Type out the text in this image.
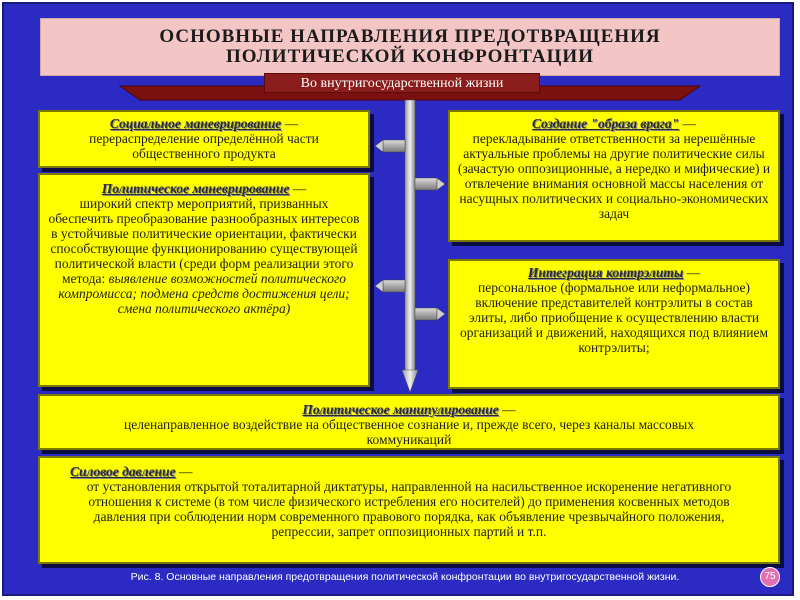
ОСНОВНЫЕ НАПРАВЛЕНИЯ ПРЕДОТВРАЩЕНИЯ
ПОЛИТИЧЕСКОЙ КОНФРОНТАЦИИ
Во внутригосударственной жизни
Социальное маневрирование —
перераспределение определённой части общественного продукта
Политическое маневрирование —
широкий спектр мероприятий, призванных обеспечить преобразование разнообразных интересов в устойчивые политические ориентации, фактически способствующие функционированию существующей политической власти (среди форм реализации этого метода: выявление возможностей политического компромисса; подмена средств достижения цели; смена политического актёра)
Создание "образа врага" —
перекладывание ответственности за нерешённые актуальные проблемы на другие политические силы (зачастую оппозиционные, а нередко и мифические) и отвлечение внимания основной массы населения от насущных политических и социально-экономических задач
Интеграция контрэлиты —
персональное (формальное или неформальное) включение представителей контрэлиты в состав элиты, либо приобщение к осуществлению власти организаций и движений, находящихся под влиянием контрэлиты;
Политическое манипулирование —
целенаправленное воздействие на общественное сознание и, прежде всего, через каналы массовых коммуникаций
Силовое давление —
от установления открытой тоталитарной диктатуры, направленной на насильственное искоренение негативного отношения к системе (в том числе физического истребления его носителей) до применения косвенных методов давления при соблюдении норм современного правового порядка, как объявление чрезвычайного положения, репрессии, запрет оппозиционных партий и т.п.
Рис. 8. Основные направления предотвращения политической конфронтации во внутригосударственной жизни.	75
